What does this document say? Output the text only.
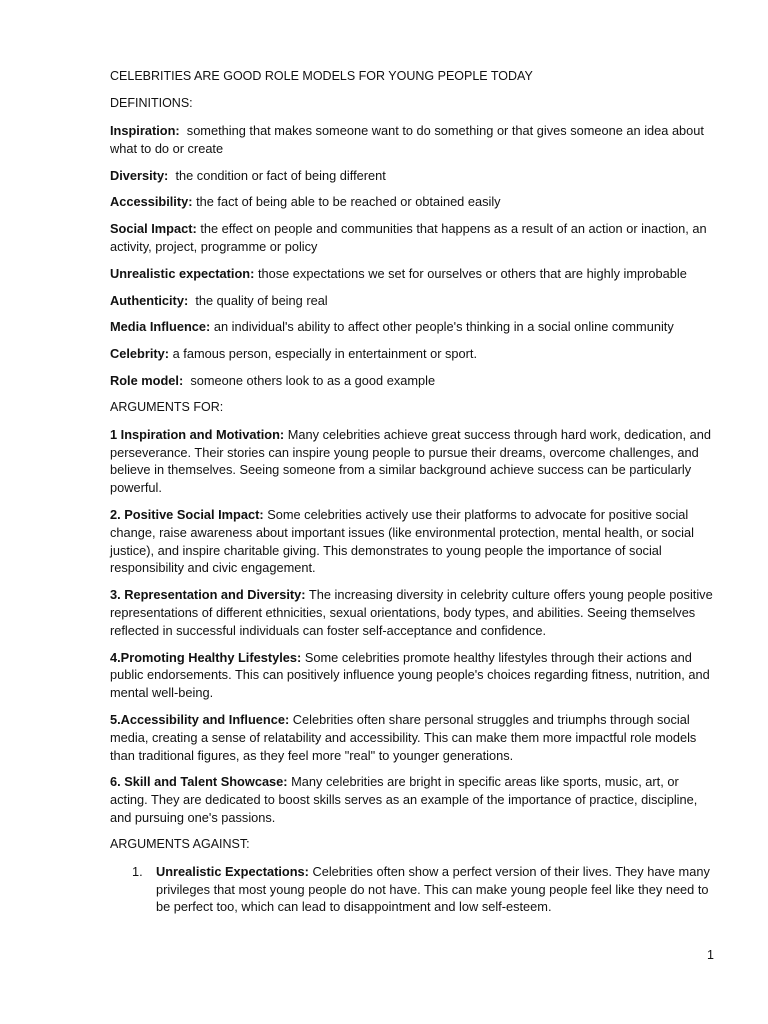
CELEBRITIES ARE GOOD ROLE MODELS FOR YOUNG PEOPLE TODAY

DEFINITIONS:

Inspiration: something that makes someone want to do something or that gives someone an idea about what to do or create

Diversity: the condition or fact of being different

Accessibility: the fact of being able to be reached or obtained easily

Social Impact: the effect on people and communities that happens as a result of an action or inaction, an activity, project, programme or policy

Unrealistic expectation: those expectations we set for ourselves or others that are highly improbable

Authenticity: the quality of being real

Media Influence: an individual's ability to affect other people's thinking in a social online community

Celebrity: a famous person, especially in entertainment or sport.

Role model: someone others look to as a good example

ARGUMENTS FOR:

1 Inspiration and Motivation: Many celebrities achieve great success through hard work, dedication, and perseverance. Their stories can inspire young people to pursue their dreams, overcome challenges, and believe in themselves. Seeing someone from a similar background achieve success can be particularly powerful.

2. Positive Social Impact: Some celebrities actively use their platforms to advocate for positive social change, raise awareness about important issues (like environmental protection, mental health, or social justice), and inspire charitable giving. This demonstrates to young people the importance of social responsibility and civic engagement.

3. Representation and Diversity: The increasing diversity in celebrity culture offers young people positive representations of different ethnicities, sexual orientations, body types, and abilities. Seeing themselves reflected in successful individuals can foster self-acceptance and confidence.

4.Promoting Healthy Lifestyles: Some celebrities promote healthy lifestyles through their actions and public endorsements. This can positively influence young people's choices regarding fitness, nutrition, and mental well-being.

5.Accessibility and Influence: Celebrities often share personal struggles and triumphs through social media, creating a sense of relatability and accessibility. This can make them more impactful role models than traditional figures, as they feel more "real" to younger generations.

6. Skill and Talent Showcase: Many celebrities are bright in specific areas like sports, music, art, or acting. They are dedicated to boost skills serves as an example of the importance of practice, discipline, and pursuing one's passions.

ARGUMENTS AGAINST:

1. Unrealistic Expectations: Celebrities often show a perfect version of their lives. They have many privileges that most young people do not have. This can make young people feel like they need to be perfect too, which can lead to disappointment and low self-esteem.
1
